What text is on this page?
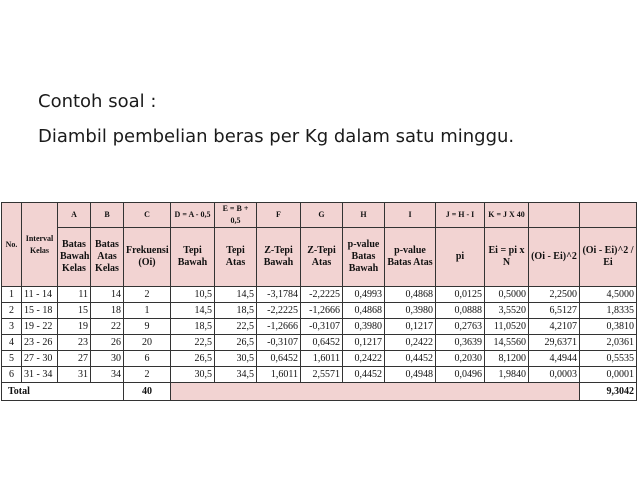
Contoh soal :

Diambil pembelian beras per Kg dalam satu minggu.

No.	Interval Kelas	A	B	C	D = A - 0,5	E = B + 0,5	F	G	H	I	J = H - I	K = J X 40		
		Batas Bawah Kelas	Batas Atas Kelas	Frekuensi (Oi)	Tepi Bawah	Tepi Atas	Z-Tepi Bawah	Z-Tepi Atas	p-value Batas Bawah	p-value Batas Atas	pi	Ei = pi x N	(Oi - Ei)^2	(Oi - Ei)^2 / Ei
1	11 - 14	11	14	2	10,5	14,5	-3,1784	-2,2225	0,4993	0,4868	0,0125	0,5000	2,2500	4,5000
2	15 - 18	15	18	1	14,5	18,5	-2,2225	-1,2666	0,4868	0,3980	0,0888	3,5520	6,5127	1,8335
3	19 - 22	19	22	9	18,5	22,5	-1,2666	-0,3107	0,3980	0,1217	0,2763	11,0520	4,2107	0,3810
4	23 - 26	23	26	20	22,5	26,5	-0,3107	0,6452	0,1217	0,2422	0,3639	14,5560	29,6371	2,0361
5	27 - 30	27	30	6	26,5	30,5	0,6452	1,6011	0,2422	0,4452	0,2030	8,1200	4,4944	0,5535
6	31 - 34	31	34	2	30,5	34,5	1,6011	2,5571	0,4452	0,4948	0,0496	1,9840	0,0003	0,0001
Total				40										9,3042
